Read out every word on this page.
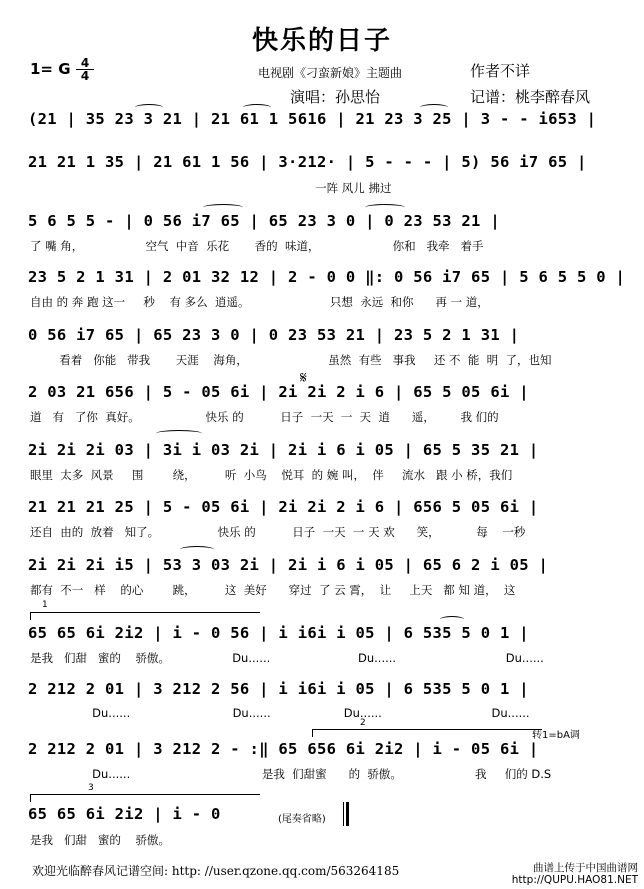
快乐的日子
1= G 4
4	电视剧《刁蛮新娘》主题曲	作者不详
演唱：孙思怡	记谱：桃李醉春风
(21 | 35 23 3 21 | 21 61 1 5616 | 21 23 3 25 | 3 - - i653 |
21 21 1 35 | 21 61 1 56 | 3·212· | 5 - - - | 5) 56 i7 65 |
一阵 风儿 拂过
5 6 5 5 - | 0 56 i7 65 | 65 23 3 0 | 0 23 53 21 |
了 嘴 角，                 空气  中音  乐花       香的  味道，                    你和   我牵   着手
23 5 2 1 31 | 2 01 32 12 | 2 - 0 0 ‖: 0 56 i7 65 | 5 6 5 5 0 |
自由 的 奔 跑 这一     秒    有 多么  逍遥。                      只想  永远  和你      再 一 道，
0 56 i7 65 | 65 23 3 0 | 0 23 53 21 | 23 5 2 1 31 |
看着   你能   带我       天涯    海角，                      虽然  有些   事我     还 不  能  明  了，也知
2 03 21 656 | 5 - 05 6i | 2i 2i 2 i 6 | 65 5 05 6i |
道   有   了你  真好。                  快乐 的          日子  一天  一  天  逍      遥，       我 们的
2i 2i 2i 03 | 3i i 03 2i | 2i i 6 i 05 | 65 5 35 21 |
眼里  太多  风景     围        绕，        听  小鸟    悦耳  的 婉 叫，  伴     流水   跟 小 桥，我们
21 21 21 25 | 5 - 05 6i | 2i 2i 2 i 6 | 656 5 05 6i |
还自  由的  放着   知了。                快乐 的          日子  一天  一 天 欢      笑，          每    一秒
2i 2i 2i i5 | 53 3 03 2i | 2i i 6 i 05 | 65 6 2 i 05 |
都有  不一   样    的心        跳，        这  美好      穿过  了 云 霄，  让     上天   都 知 道，  这
65 65 6i 2i2 | i - 0 56 | i i6i i 05 | 6 535 5 0 1 |
是我   们甜   蜜的    骄傲。                 Du......                        Du......                              Du......
2 212 2 01 | 3 212 2 56 | i i6i i 05 | 6 535 5 0 1 |
Du......                            Du......                    Du......                              Du......
2 212 2 01 | 3 212 2 - :‖ 65 656 6i 2i2 | i - 05 6i |
Du......                                    是我  们甜蜜      的  骄傲。                    我     们的 D.S
65 65 6i 2i2 | i - 0
是我   们甜   蜜的    骄傲。
1
2
3
转1=bA调
𝄋
(尾奏省略)
欢迎光临醉春风记谱空间: http: //user.qzone.qq.com/563264185	曲谱上传于中国曲谱网
http://QUPU.HAO81.NET
